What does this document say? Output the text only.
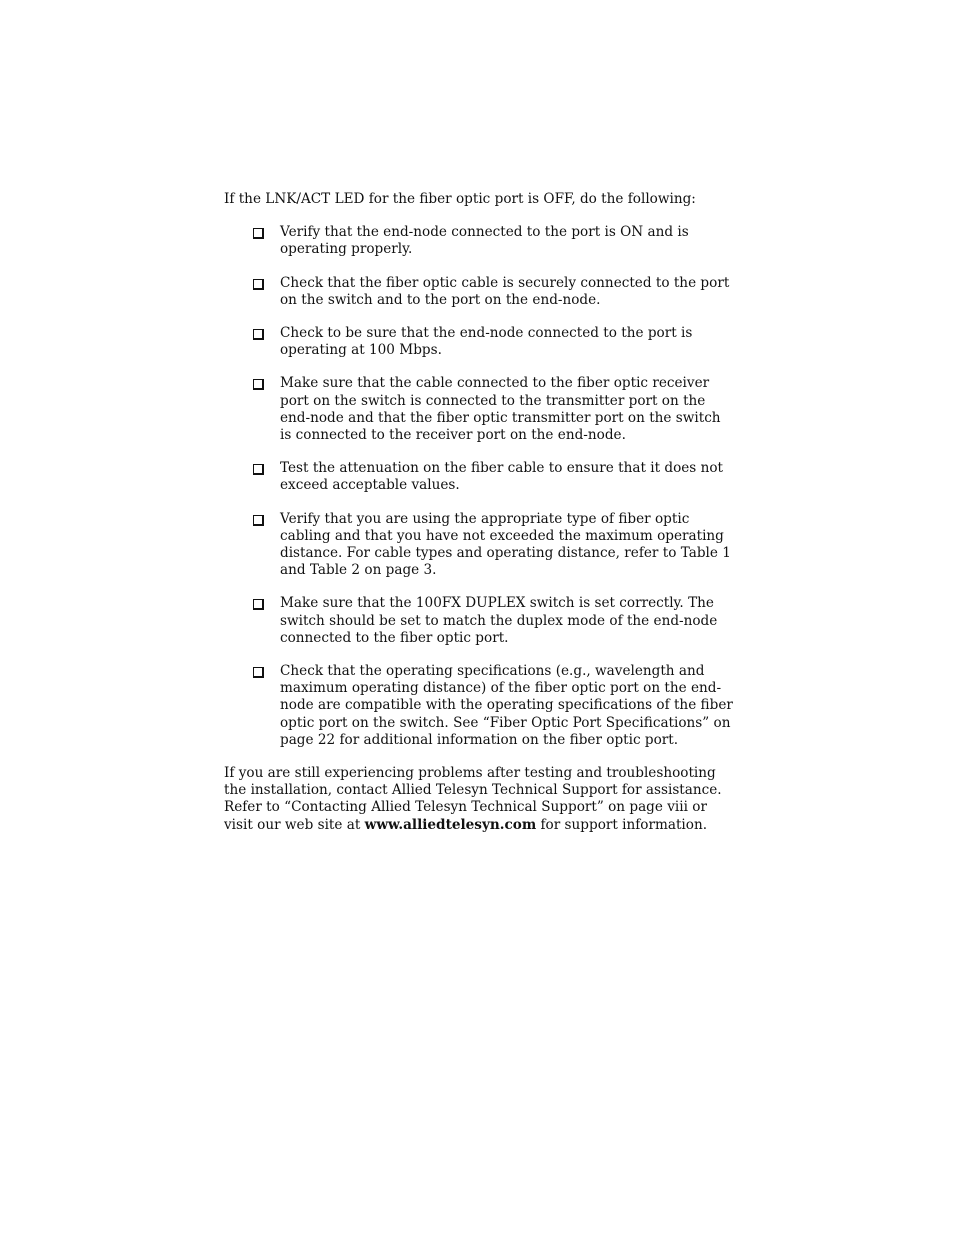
If the LNK/ACT LED for the fiber optic port is OFF, do the following:

Verify that the end-node connected to the port is ON and is operating properly.
Check that the fiber optic cable is securely connected to the port on the switch and to the port on the end-node.
Check to be sure that the end-node connected to the port is operating at 100 Mbps.
Make sure that the cable connected to the fiber optic receiver port on the switch is connected to the transmitter port on the end-node and that the fiber optic transmitter port on the switch is connected to the receiver port on the end-node.
Test the attenuation on the fiber cable to ensure that it does not exceed acceptable values.
Verify that you are using the appropriate type of fiber optic cabling and that you have not exceeded the maximum operating distance. For cable types and operating distance, refer to Table 1 and Table 2 on page 3.
Make sure that the 100FX DUPLEX switch is set correctly. The switch should be set to match the duplex mode of the end-node connected to the fiber optic port.
Check that the operating specifications (e.g., wavelength and maximum operating distance) of the fiber optic port on the end-node are compatible with the operating specifications of the fiber optic port on the switch. See “Fiber Optic Port Specifications” on page 22 for additional information on the fiber optic port.

If you are still experiencing problems after testing and troubleshooting the installation, contact Allied Telesyn Technical Support for assistance. Refer to “Contacting Allied Telesyn Technical Support” on page viii or visit our web site at www.alliedtelesyn.com for support information.
